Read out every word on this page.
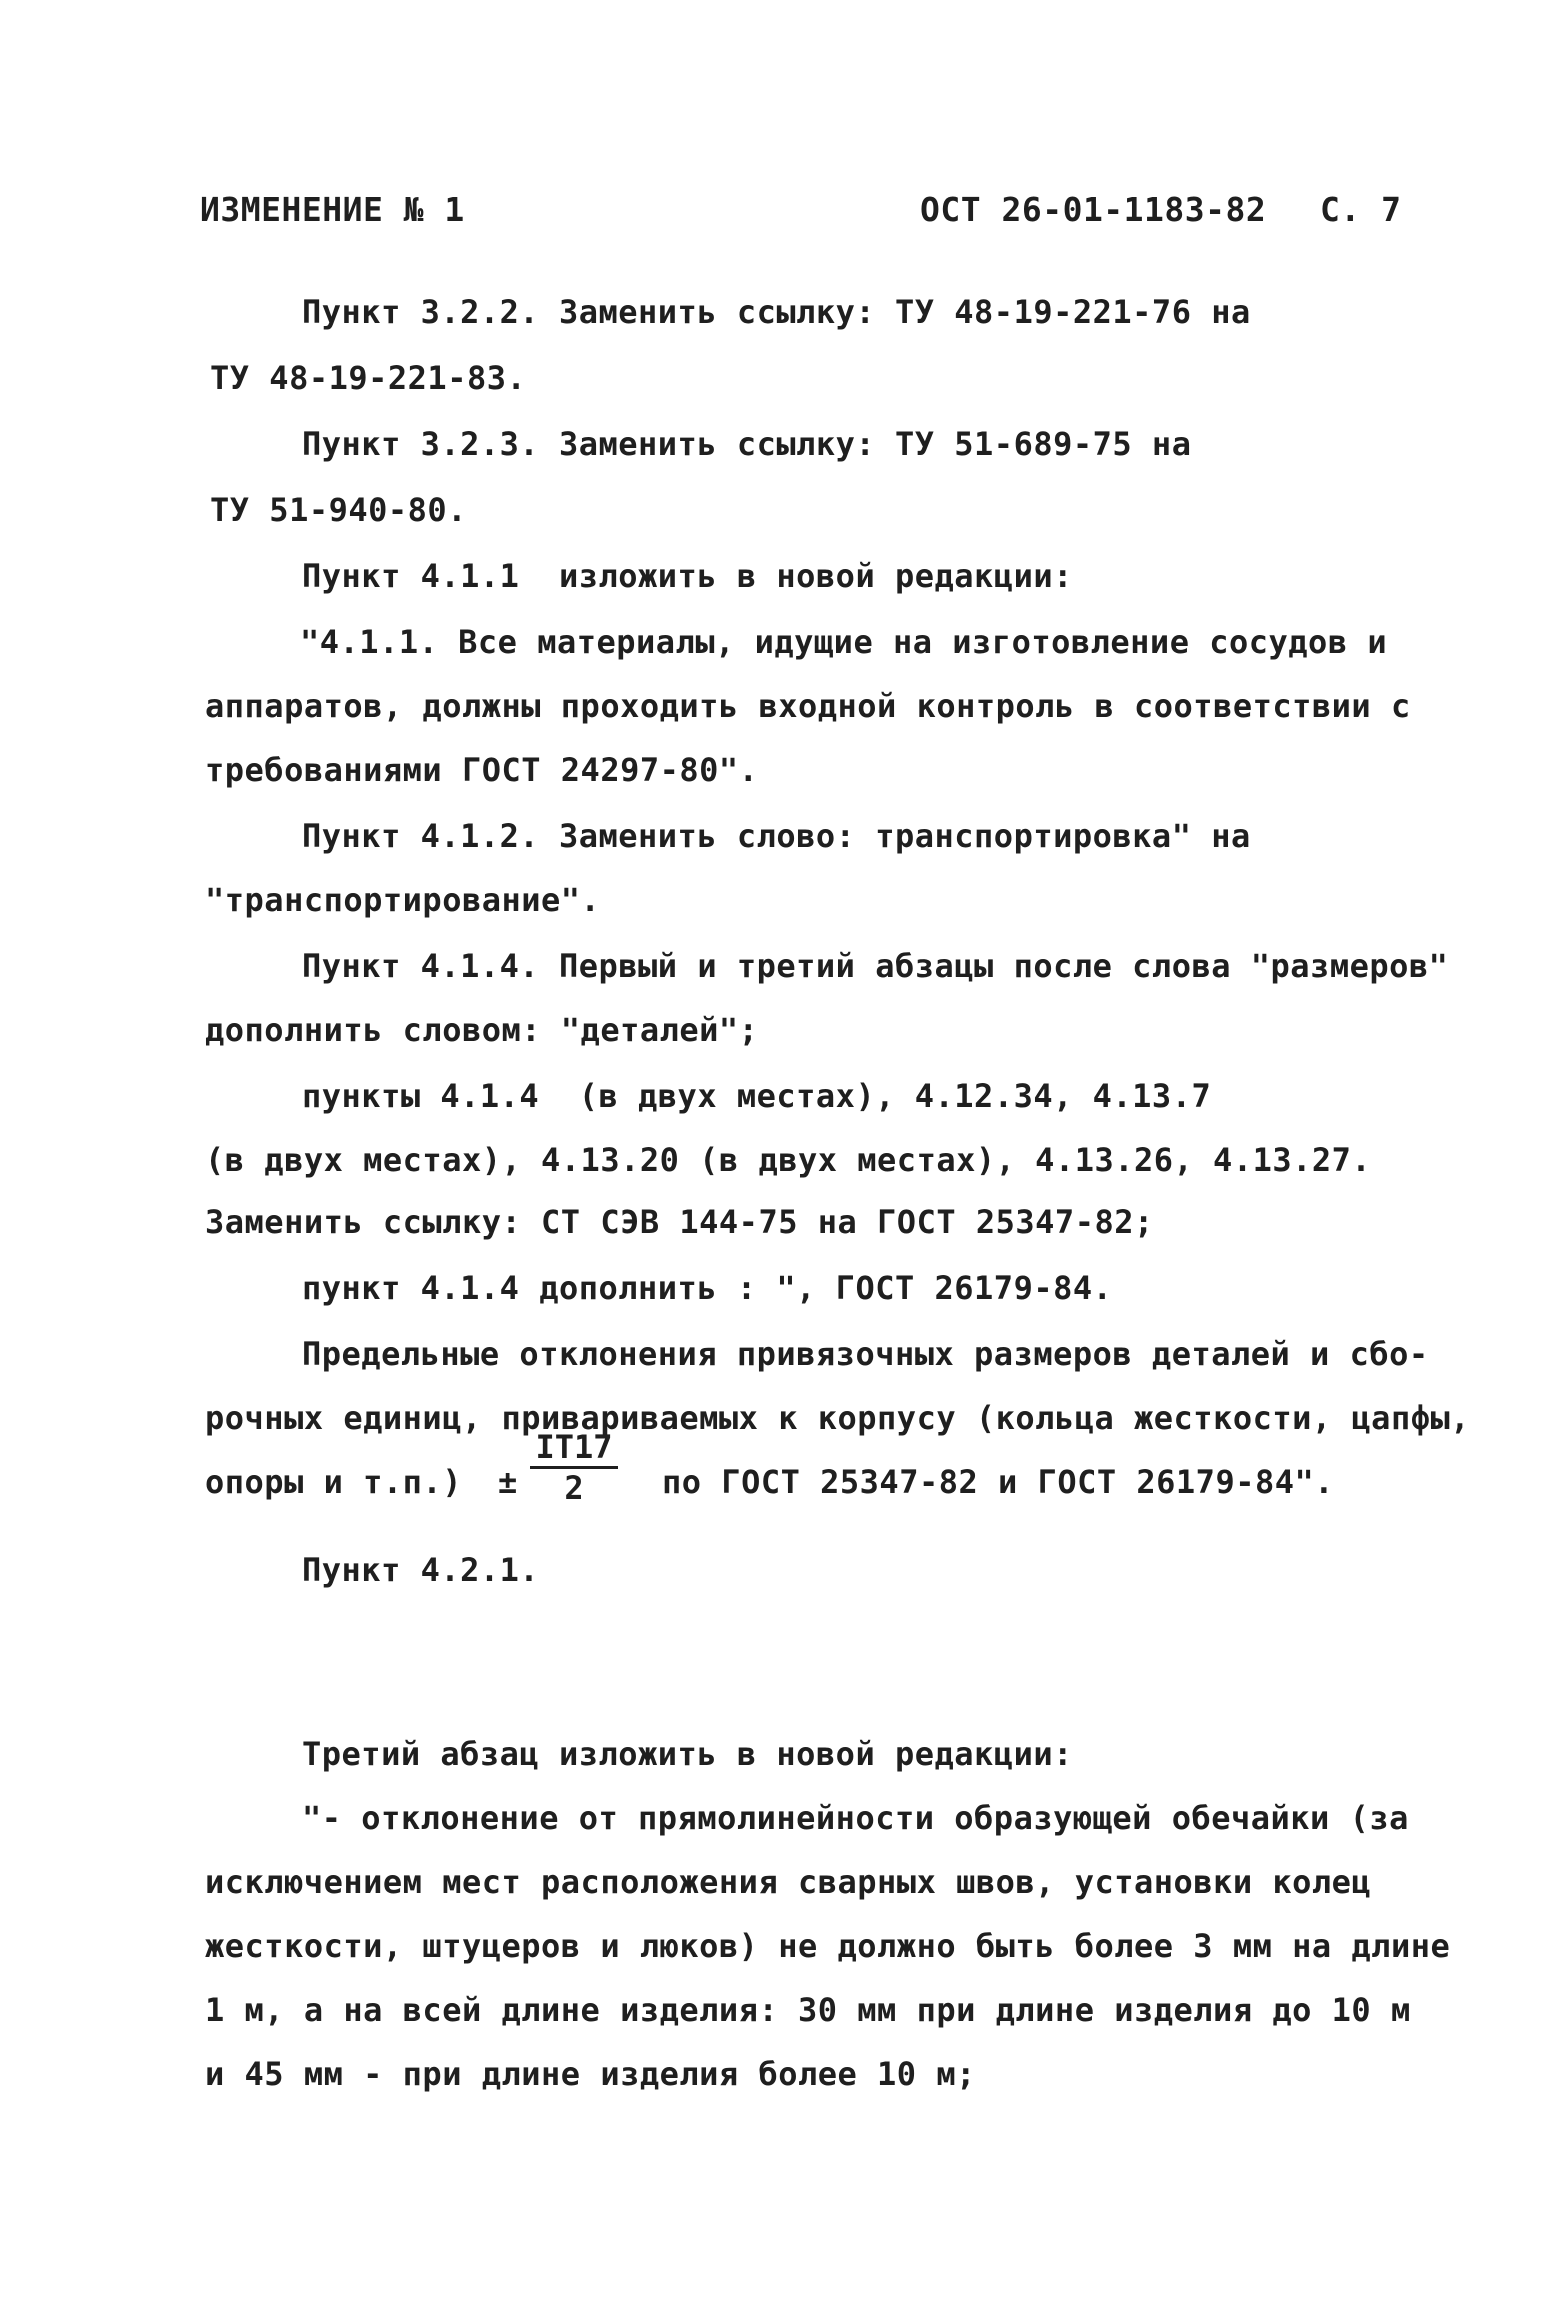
ИЗМЕНЕНИЕ № 1	ОСТ 26-01-1183-82 С. 7
Пункт 3.2.2. Заменить ссылку: ТУ 48-19-221-76 на
ТУ 48-19-221-83.
Пункт 3.2.3. Заменить ссылку: ТУ 51-689-75 на
ТУ 51-940-80.
Пункт 4.1.1  изложить в новой редакции:
"4.1.1. Все материалы, идущие на изготовление сосудов и
аппаратов, должны проходить входной контроль в соответствии с
требованиями ГОСТ 24297-80".
Пункт 4.1.2. Заменить слово: транспортировка" на
"транспортирование".
Пункт 4.1.4. Первый и третий абзацы после слова "размеров"
дополнить словом: "деталей";
пункты 4.1.4  (в двух местах), 4.12.34, 4.13.7
(в двух местах), 4.13.20 (в двух местах), 4.13.26, 4.13.27.
Заменить ссылку: СТ СЭВ 144-75 на ГОСТ 25347-82;
пункт 4.1.4 дополнить : ", ГОСТ 26179-84.
Предельные отклонения привязочных размеров деталей и сбо-
рочных единиц, привариваемых к корпусу (кольца жесткости, цапфы,
опоры и т.п.) ±
IT17
2 по ГОСТ 25347-82 и ГОСТ 26179-84".
Пункт 4.2.1.
Третий абзац изложить в новой редакции:
"- отклонение от прямолинейности образующей обечайки (за
исключением мест расположения сварных швов, установки колец
жесткости, штуцеров и люков) не должно быть более 3 мм на длине
1 м, а на всей длине изделия: 30 мм при длине изделия до 10 м
и 45 мм - при длине изделия более 10 м;
